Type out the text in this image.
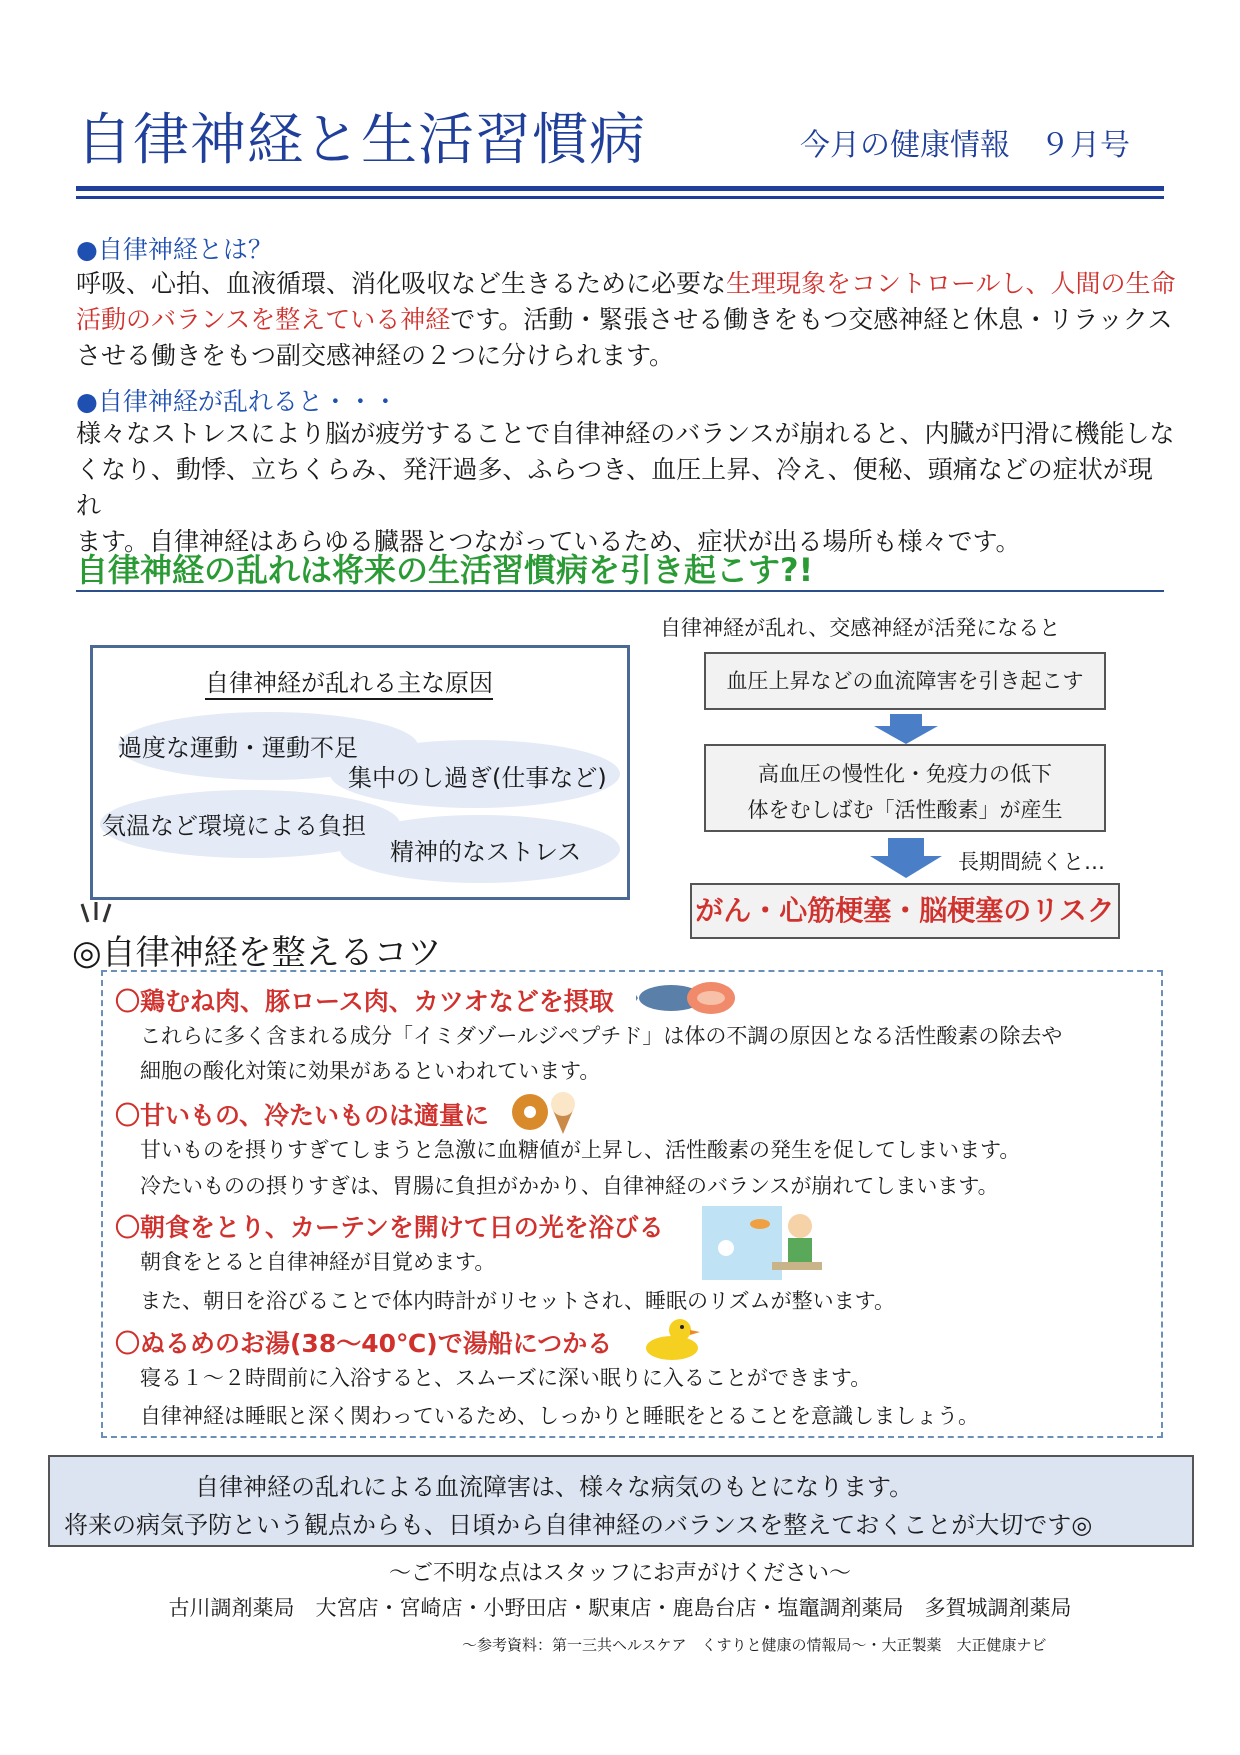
自律神経と生活習慣病	今月の健康情報　９月号
●自律神経とは？
呼吸、心拍、血液循環、消化吸収など生きるために必要な生理現象をコントロールし、人間の生命
活動のバランスを整えている神経です。活動・緊張させる働きをもつ交感神経と休息・リラックス
させる働きをもつ副交感神経の２つに分けられます。
●自律神経が乱れると・・・
様々なストレスにより脳が疲労することで自律神経のバランスが崩れると、内臓が円滑に機能しな
くなり、動悸、立ちくらみ、発汗過多、ふらつき、血圧上昇、冷え、便秘、頭痛などの症状が現れ
ます。自律神経はあらゆる臓器とつながっているため、症状が出る場所も様々です。
自律神経の乱れは将来の生活習慣病を引き起こす?!
自律神経が乱れる主な原因
過度な運動・運動不足
集中のし過ぎ(仕事など)
気温など環境による負担
精神的なストレス
自律神経が乱れ、交感神経が活発になると
血圧上昇などの血流障害を引き起こす
高血圧の慢性化・免疫力の低下
体をむしばむ「活性酸素」が産生
長期間続くと…
がん・心筋梗塞・脳梗塞のリスク
◎自律神経を整えるコツ
〇鶏むね肉、豚ロース肉、カツオなどを摂取
これらに多く含まれる成分「イミダゾールジペプチド」は体の不調の原因となる活性酸素の除去や
細胞の酸化対策に効果があるといわれています。
〇甘いもの、冷たいものは適量に
甘いものを摂りすぎてしまうと急激に血糖値が上昇し、活性酸素の発生を促してしまいます。
冷たいものの摂りすぎは、胃腸に負担がかかり、自律神経のバランスが崩れてしまいます。
〇朝食をとり、カーテンを開けて日の光を浴びる
朝食をとると自律神経が目覚めます。
また、朝日を浴びることで体内時計がリセットされ、睡眠のリズムが整います。
〇ぬるめのお湯(38〜40℃)で湯船につかる
寝る１〜２時間前に入浴すると、スムーズに深い眠りに入ることができます。
自律神経は睡眠と深く関わっているため、しっかりと睡眠をとることを意識しましょう。
自律神経の乱れによる血流障害は、様々な病気のもとになります。
将来の病気予防という観点からも、日頃から自律神経のバランスを整えておくことが大切です◎
〜ご不明な点はスタッフにお声がけください〜
古川調剤薬局　大宮店・宮崎店・小野田店・駅東店・鹿島台店・塩竈調剤薬局　多賀城調剤薬局
〜参考資料：第一三共ヘルスケア　くすりと健康の情報局〜・大正製薬　大正健康ナビ
